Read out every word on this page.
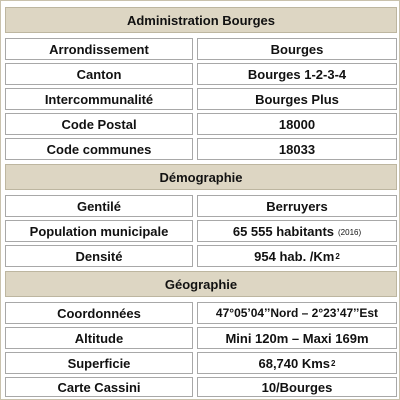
Administration Bourges
Arrondissement	Bourges
Canton	Bourges 1-2-3-4
Intercommunalité	Bourges Plus
Code Postal	18000
Code communes	18033
Démographie
Gentilé	Berruyers
Population municipale	65 555 habitants (2016)
Densité	954 hab. /Km 2
Géographie
Coordonnées	47°05’04’’Nord – 2°23’47’’Est
Altitude	Mini 120m – Maxi 169m
Superficie	68,740 Kms 2
Carte Cassini	10/Bourges
